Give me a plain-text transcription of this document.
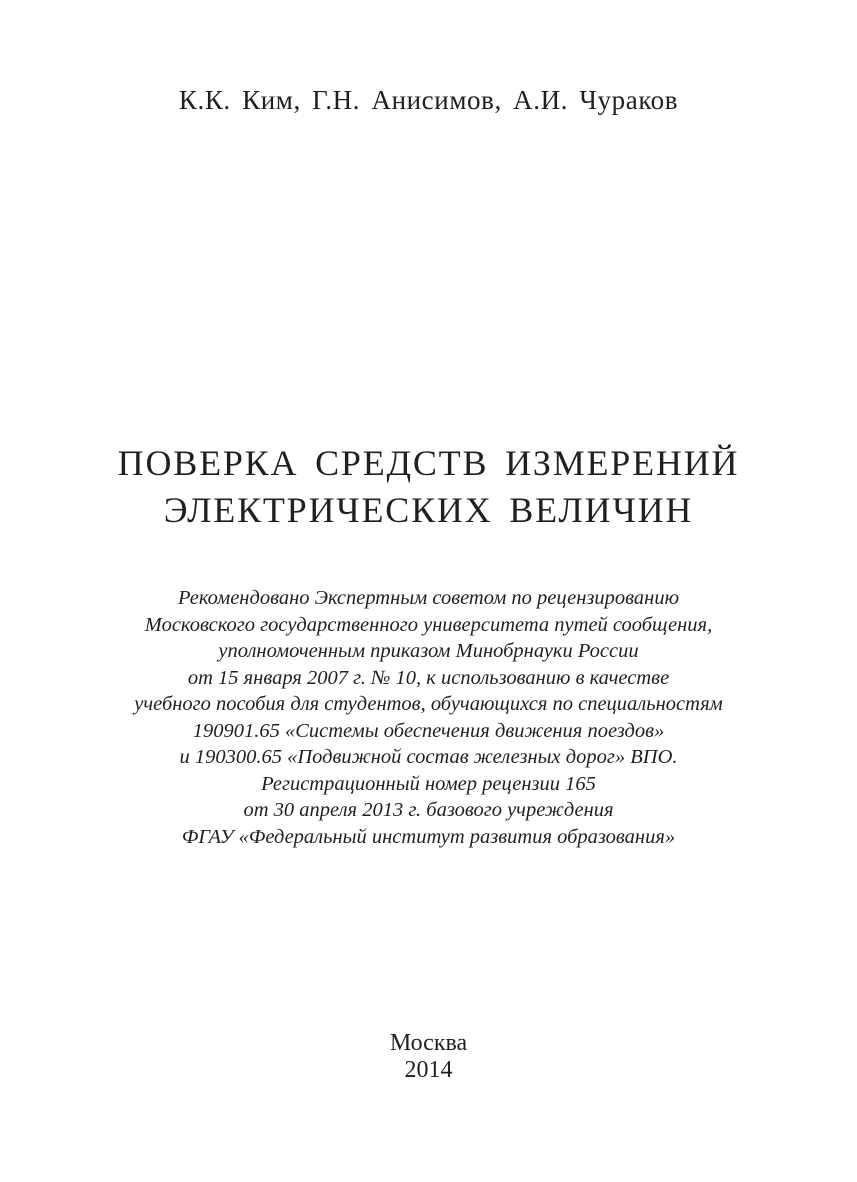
К.К. Ким, Г.Н. Анисимов, А.И. Чураков
ПОВЕРКА СРЕДСТВ ИЗМЕРЕНИЙ
ЭЛЕКТРИЧЕСКИХ ВЕЛИЧИН
Рекомендовано Экспертным советом по рецензированию
Московского государственного университета путей сообщения,
уполномоченным приказом Минобрнауки России
от 15 января 2007 г. № 10, к использованию в качестве
учебного пособия для студентов, обучающихся по специальностям
190901.65 «Системы обеспечения движения поездов»
и 190300.65 «Подвижной состав железных дорог» ВПО.
Регистрационный номер рецензии 165
от 30 апреля 2013 г. базового учреждения
ФГАУ «Федеральный институт развития образования»
Москва
2014
